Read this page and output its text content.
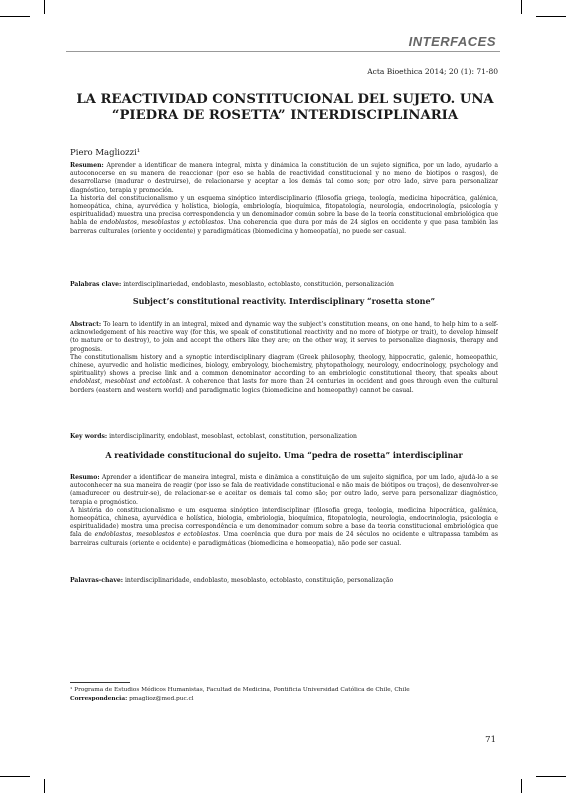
INTERFACES
Acta Bioethica 2014; 20 (1): 71-80
LA REACTIVIDAD CONSTITUCIONAL DEL SUJETO. UNA
“PIEDRA DE ROSETTA” INTERDISCIPLINARIA
Piero Magliozzi¹
Resumen: Aprender a identificar de manera integral, mixta y dinámica la constitución de un sujeto significa, por un lado, ayudarlo a autoconocerse en su manera de reaccionar (por eso se habla de reactividad constitucional y no meno de biotipos o rasgos), de desarrollarse (madurar o destruirse), de relacionarse y aceptar a los demás tal como son; por otro lado, sirve para personalizar diagnóstico, terapia y promoción.
La historia del constitucionalismo y un esquema sinóptico interdisciplinario (filosofía griega, teología, medicina hipocrática, galénica, homeopática, china, ayurvédica y holística, biología, embriología, bioquímica, fitopatología, neurología, endocrinología, psicología y espiritualidad) muestra una precisa correspondencia y un denominador común sobre la base de la teoría constitucional embriológica que habla de endoblastos, mesoblastos y ectoblastos. Una coherencia que dura por más de 24 siglos en occidente y que pasa también las barreras culturales (oriente y occidente) y paradigmáticas (biomedicina y homeopatía), no puede ser casual.
Palabras clave: interdisciplinariedad, endoblasto, mesoblasto, ectoblasto, constitución, personalización
Subject’s constitutional reactivity. Interdisciplinary “rosetta stone”
Abstract: To learn to identify in an integral, mixed and dynamic way the subject’s constitution means, on one hand, to help him to a self-acknowledgement of his reactive way (for this, we speak of constitutional reactivity and no more of biotype or trait), to develop himself (to mature or to destroy), to join and accept the others like they are; on the other way, it serves to personalize diagnosis, therapy and prognosis.
The constitutionalism history and a synoptic interdisciplinary diagram (Greek philosophy, theology, hippocratic, galenic, homeopathic, chinese, ayurvedic and holistic medicines, biology, embryology, biochemistry, phytopathology, neurology, endocrinology, psychology and spirituality) shows a precise link and a common denominator according to an embriologic constitutional theory, that speaks about endoblast, mesoblast and ectoblast. A coherence that lasts for more than 24 centuries in occident and goes through even the cultural borders (eastern and western world) and paradigmatic logics (biomedicine and homeopathy) cannot be casual.
Key words: interdisciplinarity, endoblast, mesoblast, ectoblast, constitution, personalization
A reatividade constitucional do sujeito. Uma “pedra de rosetta” interdisciplinar
Resumo: Aprender a identificar de maneira integral, mista e dinâmica a constituição de um sujeito significa, por um lado, ajudá-lo a se autoconhecer na sua maneira de reagir (por isso se fala de reatividade constitucional e não mais de biótipos ou traços), de desenvolver-se (amadurecer ou destruir-se), de relacionar-se e aceitar os demais tal como são; por outro lado, serve para personalizar diagnóstico, terapia e prognóstico.
A história do constitucionalismo e um esquema sinóptico interdisciplinar (filosofia grega, teologia, medicina hipocrática, galênica, homeopática, chinesa, ayurvédica e holística, biologia, embriologia, bioquímica, fitopatologia, neurologia, endocrinologia, psicologia e espiritualidade) mostra uma precisa correspondência e um denominador comum sobre a base da teoria constitucional embriológica que fala de endoblastos, mesoblastos e ectoblastos. Uma coerência que dura por mais de 24 séculos no ocidente e ultrapassa também as barreiras culturais (oriente e ocidente) e paradigmáticas (biomedicina e homeopatia), não pode ser casual.
Palavras-chave: interdisciplinaridade, endoblasto, mesoblasto, ectoblasto, constituição, personalização
¹ Programa de Estudios Médicos Humanistas, Facultad de Medicina, Pontificia Universidad Católica de Chile, Chile
Correspondencia: pmaglioz@med.puc.cl
71
